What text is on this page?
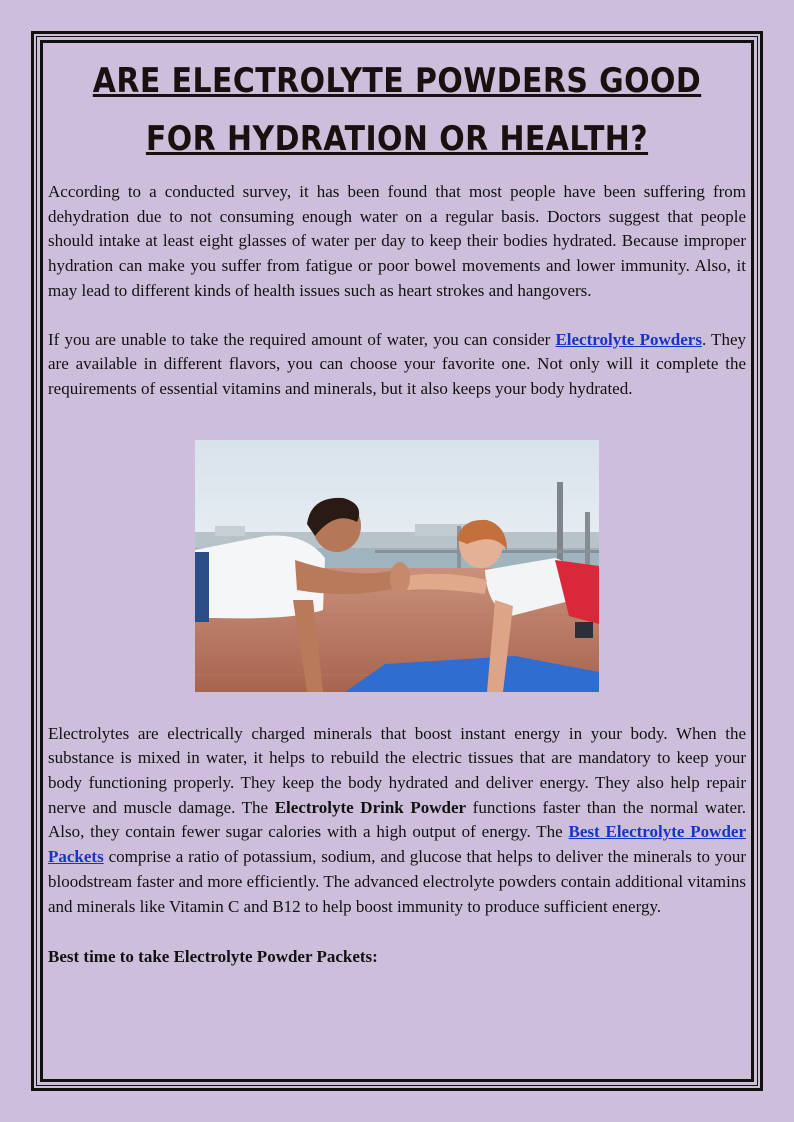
ARE ELECTROLYTE POWDERS GOOD FOR HYDRATION OR HEALTH?

According to a conducted survey, it has been found that most people have been suffering from dehydration due to not consuming enough water on a regular basis. Doctors suggest that people should intake at least eight glasses of water per day to keep their bodies hydrated. Because improper hydration can make you suffer from fatigue or poor bowel movements and lower immunity. Also, it may lead to different kinds of health issues such as heart strokes and hangovers.

If you are unable to take the required amount of water, you can consider Electrolyte Powders. They are available in different flavors, you can choose your favorite one. Not only will it complete the requirements of essential vitamins and minerals, but it also keeps your body hydrated.

Electrolytes are electrically charged minerals that boost instant energy in your body. When the substance is mixed in water, it helps to rebuild the electric tissues that are mandatory to keep your body functioning properly. They keep the body hydrated and deliver energy. They also help repair nerve and muscle damage. The Electrolyte Drink Powder functions faster than the normal water. Also, they contain fewer sugar calories with a high output of energy. The Best Electrolyte Powder Packets comprise a ratio of potassium, sodium, and glucose that helps to deliver the minerals to your bloodstream faster and more efficiently. The advanced electrolyte powders contain additional vitamins and minerals like Vitamin C and B12 to help boost immunity to produce sufficient energy.

Best time to take Electrolyte Powder Packets:
